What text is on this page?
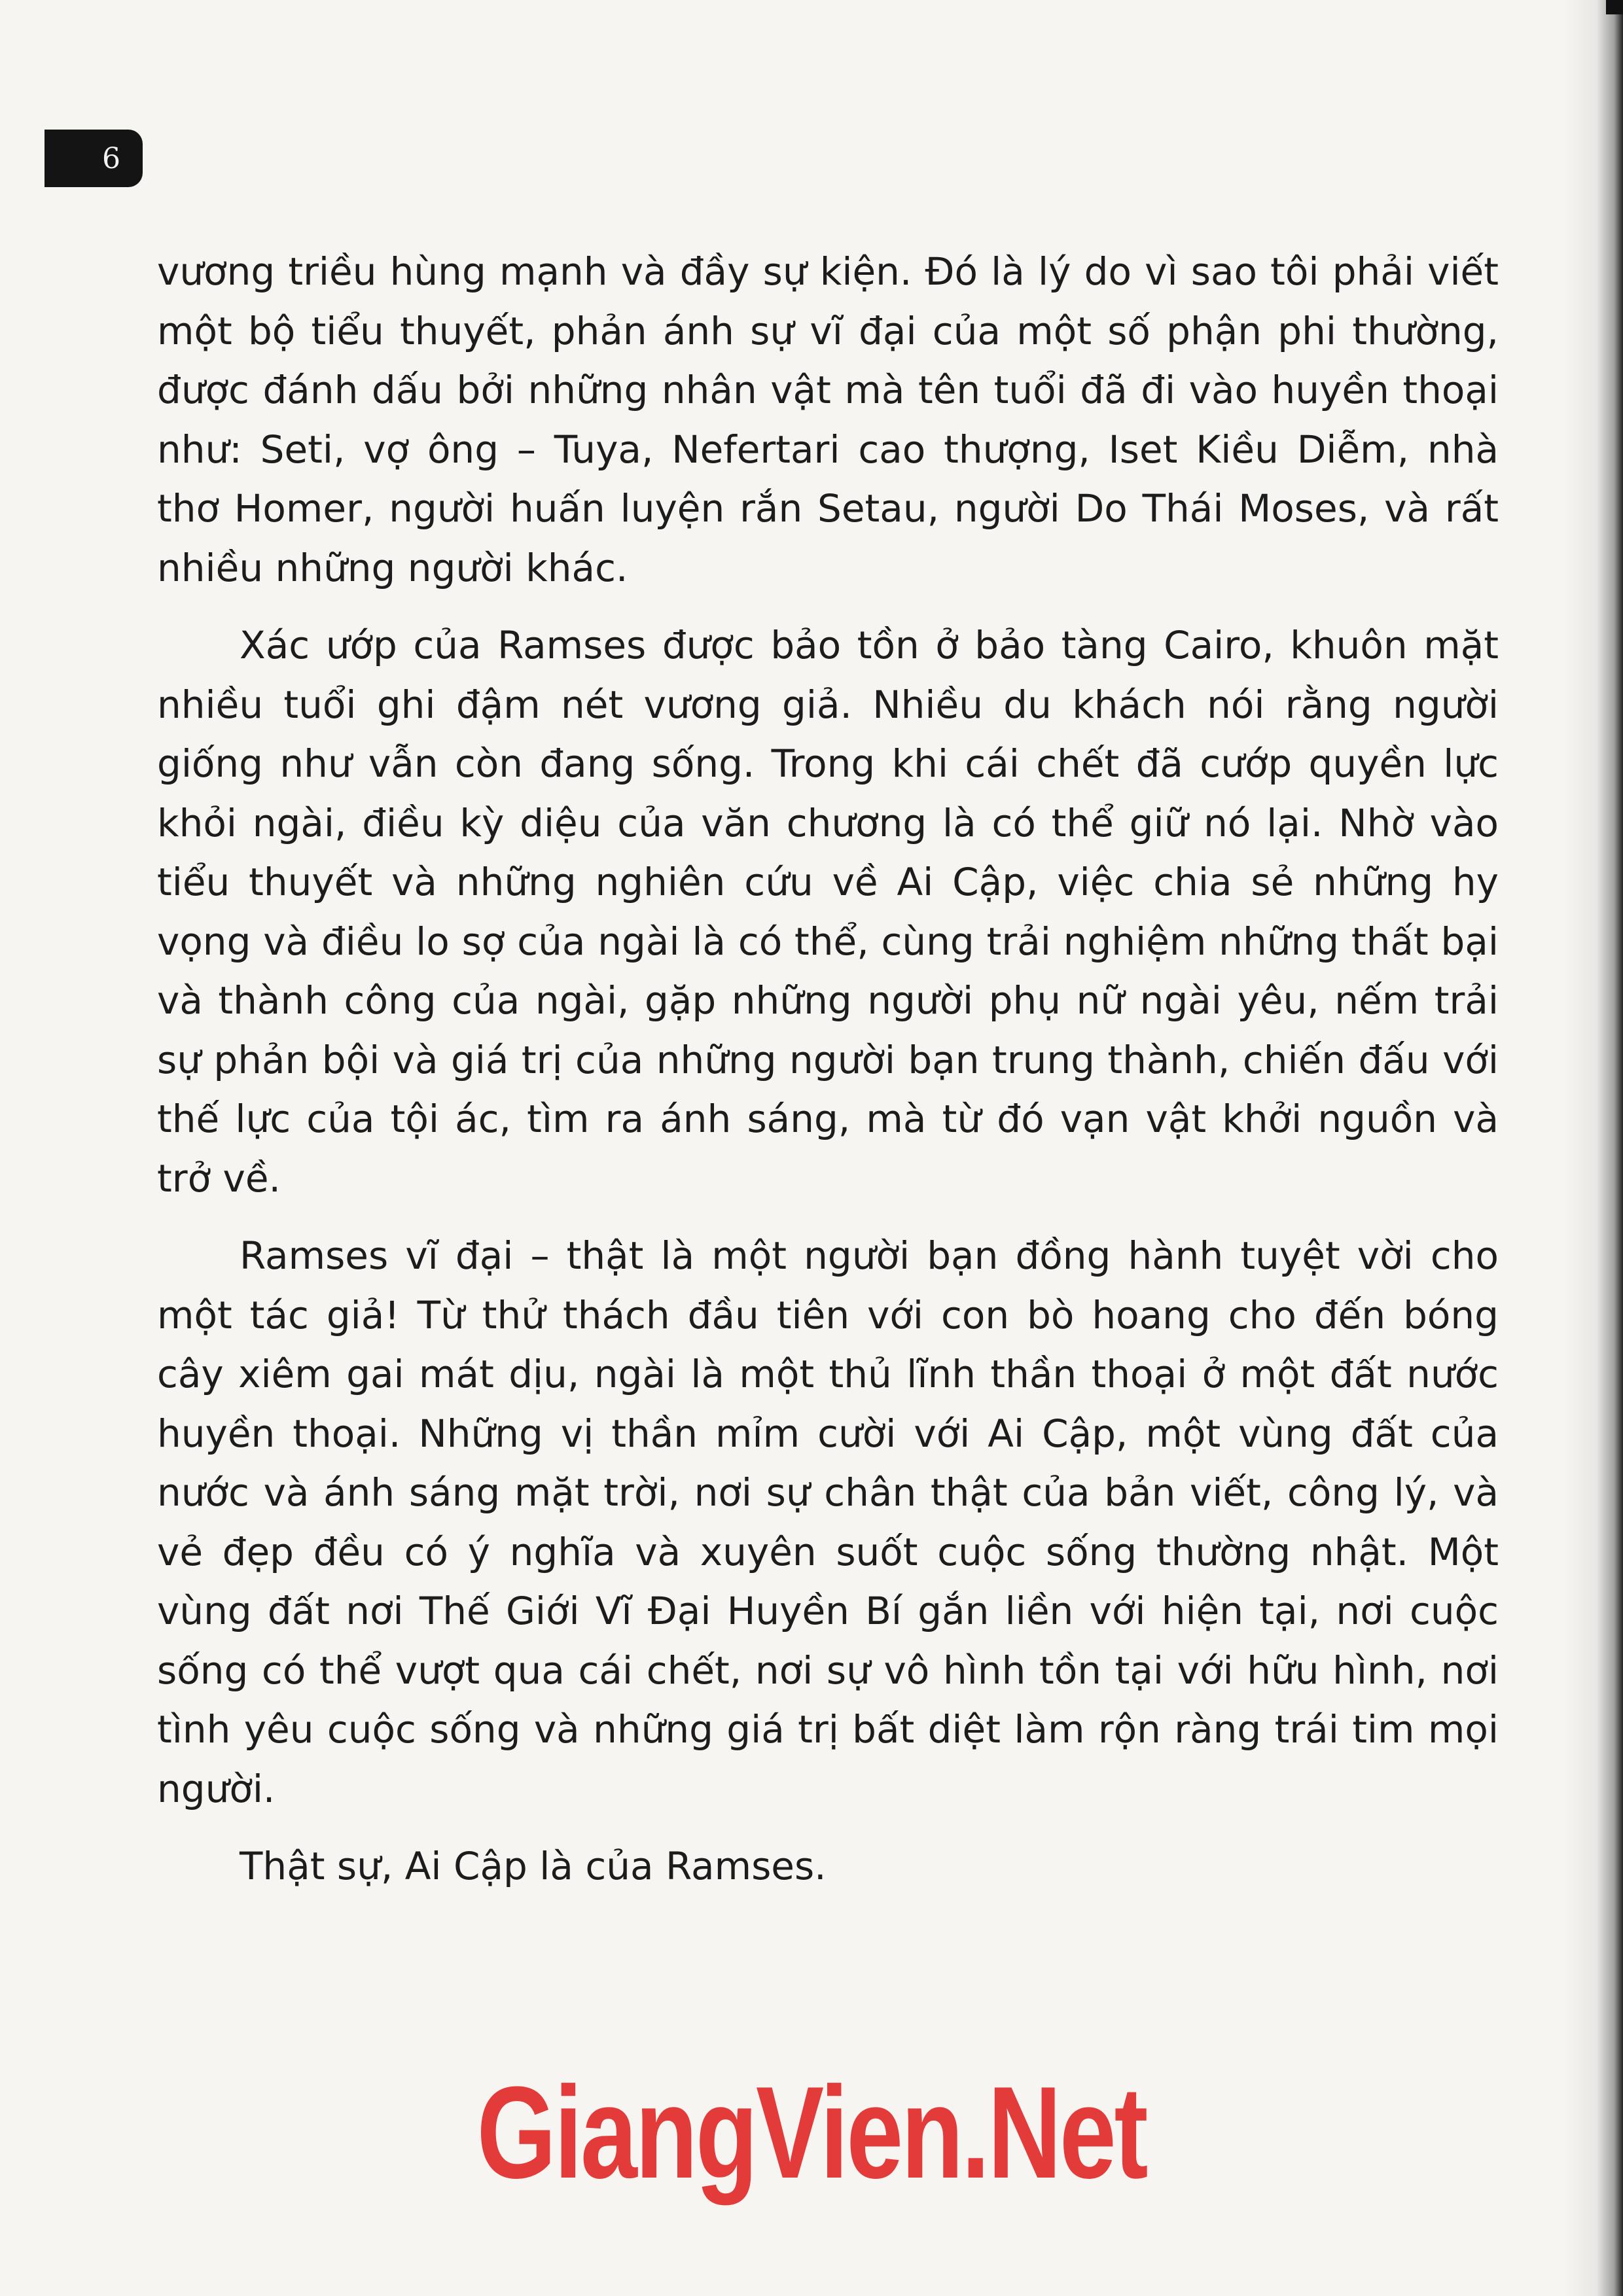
6

vương triều hùng mạnh và đầy sự kiện. Đó là lý do vì sao tôi phải viết một bộ tiểu thuyết, phản ánh sự vĩ đại của một số phận phi thường, được đánh dấu bởi những nhân vật mà tên tuổi đã đi vào huyền thoại như: Seti, vợ ông – Tuya, Nefertari cao thượng, Iset Kiều Diễm, nhà thơ Homer, người huấn luyện rắn Setau, người Do Thái Moses, và rất nhiều những người khác.

Xác ướp của Ramses được bảo tồn ở bảo tàng Cairo, khuôn mặt nhiều tuổi ghi đậm nét vương giả. Nhiều du khách nói rằng người giống như vẫn còn đang sống. Trong khi cái chết đã cướp quyền lực khỏi ngài, điều kỳ diệu của văn chương là có thể giữ nó lại. Nhờ vào tiểu thuyết và những nghiên cứu về Ai Cập, việc chia sẻ những hy vọng và điều lo sợ của ngài là có thể, cùng trải nghiệm những thất bại và thành công của ngài, gặp những người phụ nữ ngài yêu, nếm trải sự phản bội và giá trị của những người bạn trung thành, chiến đấu với thế lực của tội ác, tìm ra ánh sáng, mà từ đó vạn vật khởi nguồn và trở về.

Ramses vĩ đại – thật là một người bạn đồng hành tuyệt vời cho một tác giả! Từ thử thách đầu tiên với con bò hoang cho đến bóng cây xiêm gai mát dịu, ngài là một thủ lĩnh thần thoại ở một đất nước huyền thoại. Những vị thần mỉm cười với Ai Cập, một vùng đất của nước và ánh sáng mặt trời, nơi sự chân thật của bản viết, công lý, và vẻ đẹp đều có ý nghĩa và xuyên suốt cuộc sống thường nhật. Một vùng đất nơi Thế Giới Vĩ Đại Huyền Bí gắn liền với hiện tại, nơi cuộc sống có thể vượt qua cái chết, nơi sự vô hình tồn tại với hữu hình, nơi tình yêu cuộc sống và những giá trị bất diệt làm rộn ràng trái tim mọi người.

Thật sự, Ai Cập là của Ramses.

GiangVien.Net
